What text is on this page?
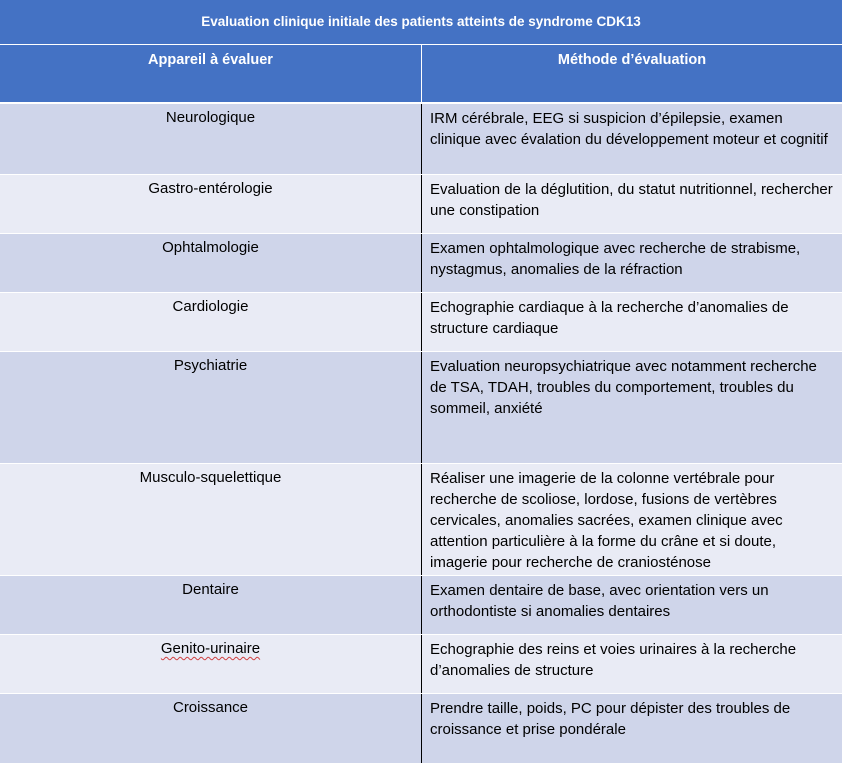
Evaluation clinique initiale des patients atteints de syndrome CDK13
Appareil à évaluer	Méthode d’évaluation
Neurologique	IRM cérébrale, EEG si suspicion d’épilepsie, examen clinique avec évalation du développement moteur et cognitif
Gastro-entérologie	Evaluation de la déglutition, du statut nutritionnel, rechercher une constipation
Ophtalmologie	Examen ophtalmologique avec recherche de strabisme, nystagmus, anomalies de la réfraction
Cardiologie	Echographie cardiaque à la recherche d’anomalies de structure cardiaque
Psychiatrie	Evaluation neuropsychiatrique avec notamment recherche de TSA, TDAH, troubles du comportement, troubles du sommeil, anxiété
Musculo-squelettique	Réaliser une imagerie de la colonne vertébrale pour recherche de scoliose, lordose, fusions de vertèbres cervicales, anomalies sacrées, examen clinique avec attention particulière à la forme du crâne et si doute, imagerie pour recherche de craniosténose
Dentaire	Examen dentaire de base, avec orientation vers un orthodontiste si anomalies dentaires
Genito-urinaire	Echographie des reins et voies urinaires à la recherche d’anomalies de structure
Croissance	Prendre taille, poids, PC pour dépister des troubles de croissance et prise pondérale
